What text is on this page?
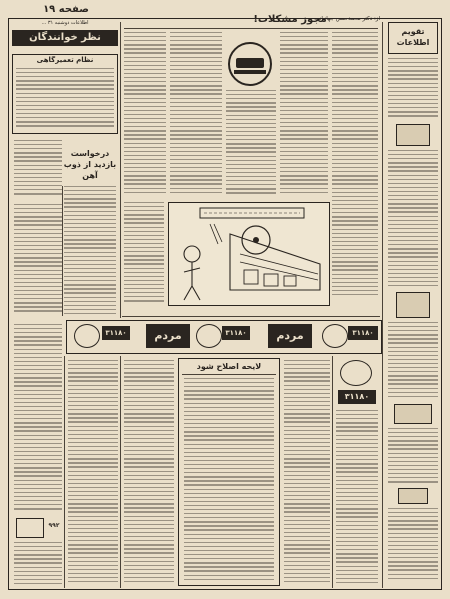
صفحه ۱۹
اطلاعات دوشنبه ۳۱ ...
نظر خوانندگان
نظام تعمیرگاهی
درخواست بازدید از ذوب آهن
مجوز مشکلات!
از: دکتر محمدحسن جهانبانی
تقویم اطلاعات
۳۱۱۸۰	مردم	۳۱۱۸۰	مردم	۳۱۱۸۰
۹۹۲
لایحه اصلاح شود
۳۱۱۸۰
